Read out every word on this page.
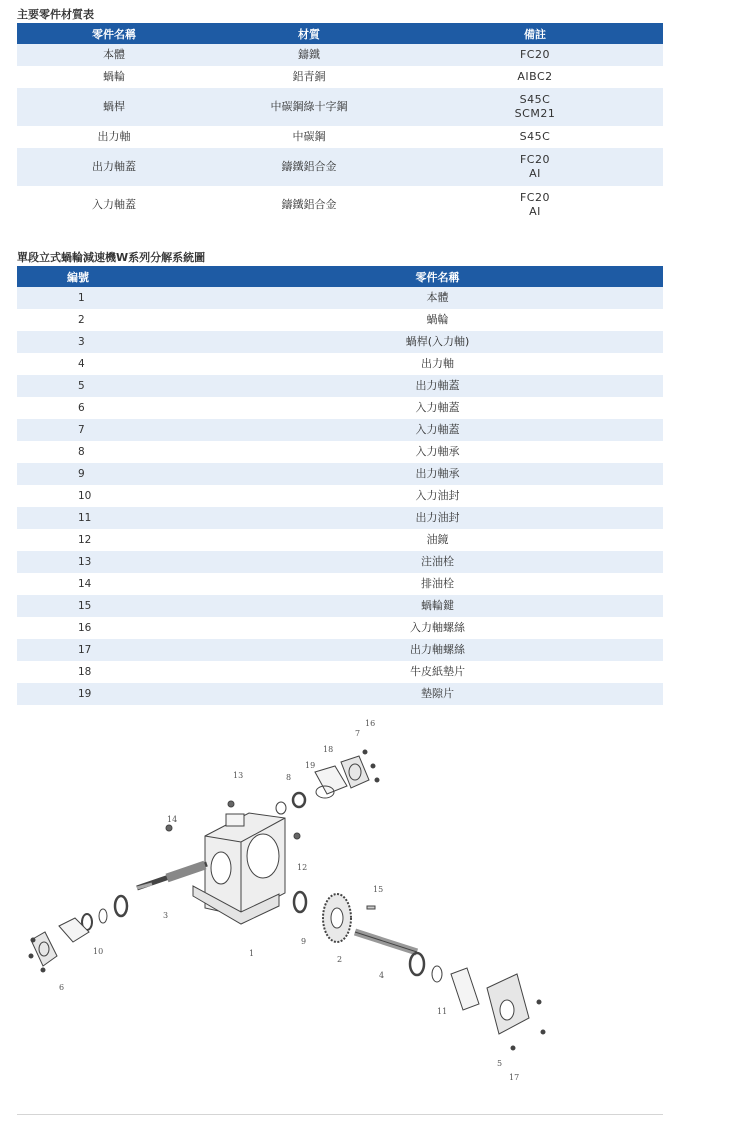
主要零件材質表
零件名稱	材質	備註
本體	鑄鐵	FC20
蝸輪	鋁青銅	AIBC2
蝸桿	中碳鋼綠十字鋼	S45C
SCM21

出力軸	中碳鋼	S45C
出力軸蓋	鑄鐵鋁合金	FC20
AI

入力軸蓋	鑄鐵鋁合金	FC20
AI
單段立式蝸輪減速機W系列分解系統圖
編號	零件名稱
1	本體
2	蝸輪
3	蝸桿(入力軸)
4	出力軸
5	出力軸蓋
6	入力軸蓋
7	入力軸蓋
8	入力軸承
9	出力軸承
10	入力油封
11	出力油封
12	油鏡
13	注油栓
14	排油栓
15	蝸輪鍵
16	入力軸螺絲
17	出力軸螺絲
18	牛皮紙墊片
19	墊隙片
1
2
3
4
5
6
7
8
9
10
11
12
13
14
15
16
17
18
19
